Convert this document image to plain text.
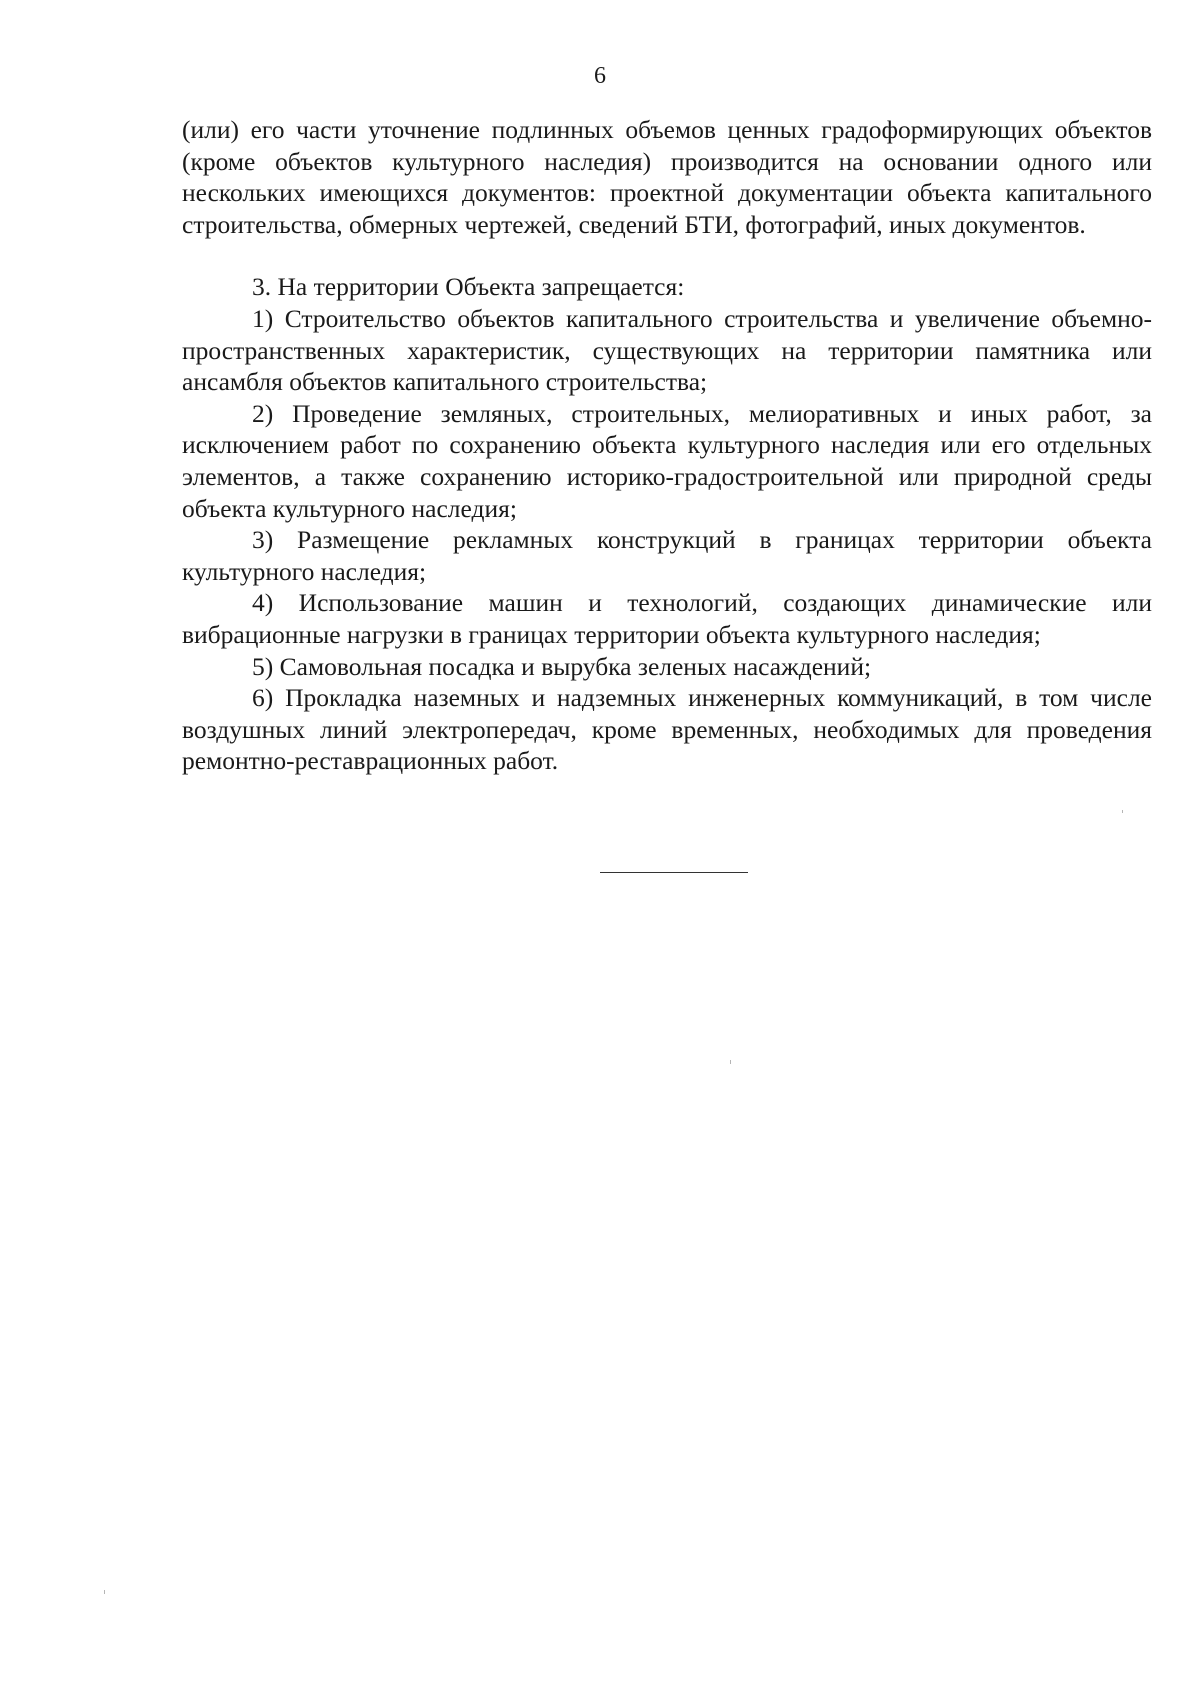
6

(или) его части уточнение подлинных объемов ценных градоформирующих объектов (кроме объектов культурного наследия) производится на основании одного или нескольких имеющихся документов: проектной документации объекта капитального строительства, обмерных чертежей, сведений БТИ, фотографий, иных документов.

3. На территории Объекта запрещается:

1) Строительство объектов капитального строительства и увеличение объемно-пространственных характеристик, существующих на территории памятника или ансамбля объектов капитального строительства;

2) Проведение земляных, строительных, мелиоративных и иных работ, за исключением работ по сохранению объекта культурного наследия или его отдельных элементов, а также сохранению историко-градостроительной или природной среды объекта культурного наследия;

3) Размещение рекламных конструкций в границах территории объекта культурного наследия;

4) Использование машин и технологий, создающих динамические или вибрационные нагрузки в границах территории объекта культурного наследия;

5) Самовольная посадка и вырубка зеленых насаждений;

6) Прокладка наземных и надземных инженерных коммуникаций, в том числе воздушных линий электропередач, кроме временных, необходимых для проведения ремонтно-реставрационных работ.
